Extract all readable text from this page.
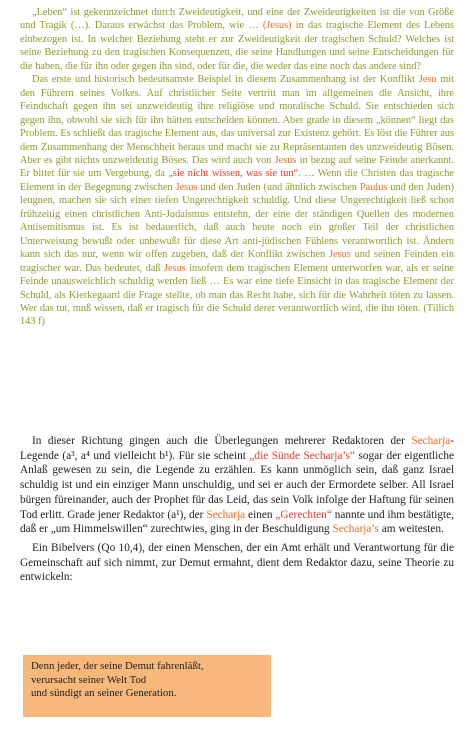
„Leben“ ist gekennzeichnet durch Zweideutigkeit, und eine der Zweideutigkeiten ist die von Größe und Tragik (…). Daraus erwächst das Problem, wie … (Jesus) in das tragische Element des Lebens einbezogen ist. In welcher Beziehung steht er zur Zweideutigkeit der tragischen Schuld? Welches ist seine Beziehung zu den tragischen Konsequenzen, die seine Handlungen und seine Entscheidungen für die haben, die für ihn oder gegen ihn sind, oder für die, die weder das eine noch das andere sind?

Das erste und historisch bedeutsamste Beispiel in diesem Zusammenhang ist der Konflikt Jesu mit den Führern seines Volkes. Auf christlicher Seite vertritt man im allgemeinen die Ansicht, ihre Feindschaft gegen ihn sei unzweideutig ihre religiöse und moralische Schuld. Sie entschieden sich gegen ihn, obwohl sie sich für ihn hätten entscheiden können. Aber grade in diesem „können“ liegt das Problem. Es schließt das tragische Element aus, das universal zur Existenz gehört. Es löst die Führer aus dem Zusammenhang der Menschheit heraus und macht sie zu Repräsentanten des unzweideutig Bösen. Aber es gibt nichts unzweideutig Böses. Das wird auch von Jesus in bezug auf seine Feinde anerkannt. Er bittet für sie um Vergebung, da „sie nicht wissen, was sie tun“. … Wenn die Christen das tragische Element in der Begegnung zwischen Jesus und den Juden (und ähnlich zwischen Paulus und den Juden) leugnen, machen sie sich einer tiefen Ungerechtigkeit schuldig. Und diese Ungerechtigkeit ließ schon frühzeitig einen christlichen Anti-Judaismus entstehn, der eine der ständigen Quellen des modernen Antisemitismus ist. Es ist bedauerlich, daß auch heute noch ein großer Teil der christlichen Unterweisung bewußt oder unbewußt für diese Art anti-jüdischen Fühlens verantwortlich ist. Ändern kann sich das nur, wenn wir offen zugeben, daß der Konflikt zwischen Jesus und seinen Feinden ein tragischer war. Das bedeutet, daß Jesus insofern dem tragischen Element unterworfen war, als er seine Feinde unausweichlich schuldig werden ließ … Es war eine tiefe Einsicht in das tragische Element der Schuld, als Kierkegaard die Frage stellte, ob man das Recht habe, sich für die Wahrheit töten zu lassen. Wer das tut, muß wissen, daß er tragisch für die Schuld derer verantwortlich wird, die ihn töten. (Tillich 143 f)

In dieser Richtung gingen auch die Überlegungen mehrerer Redaktoren der Secharja-Legende (a³, a⁴ und vielleicht b¹). Für sie scheint „die Sünde Secharja’s“ sogar der eigentliche Anlaß gewesen zu sein, die Legende zu erzählen. Es kann unmöglich sein, daß ganz Israel schuldig ist und ein einziger Mann unschuldig, und sei er auch der Ermordete selber. All Israel bürgen füreinander, auch der Prophet für das Leid, das sein Volk infolge der Haftung für seinen Tod erlitt. Grade jener Redaktor (a¹), der Secharja einen „Gerechten“ nannte und ihm bestätigte, daß er „um Himmelswillen“ zurechtwies, ging in der Beschuldigung Secharja’s am weitesten.

Ein Bibelvers (Qo 10,4), der einen Menschen, der ein Amt erhält und Verantwortung für die Gemeinschaft auf sich nimmt, zur Demut ermahnt, dient dem Redaktor dazu, seine Theorie zu entwickeln:

Denn jeder, der seine Demut fahrenläßt,
verursacht seiner Welt Tod
und sündigt an seiner Generation.
